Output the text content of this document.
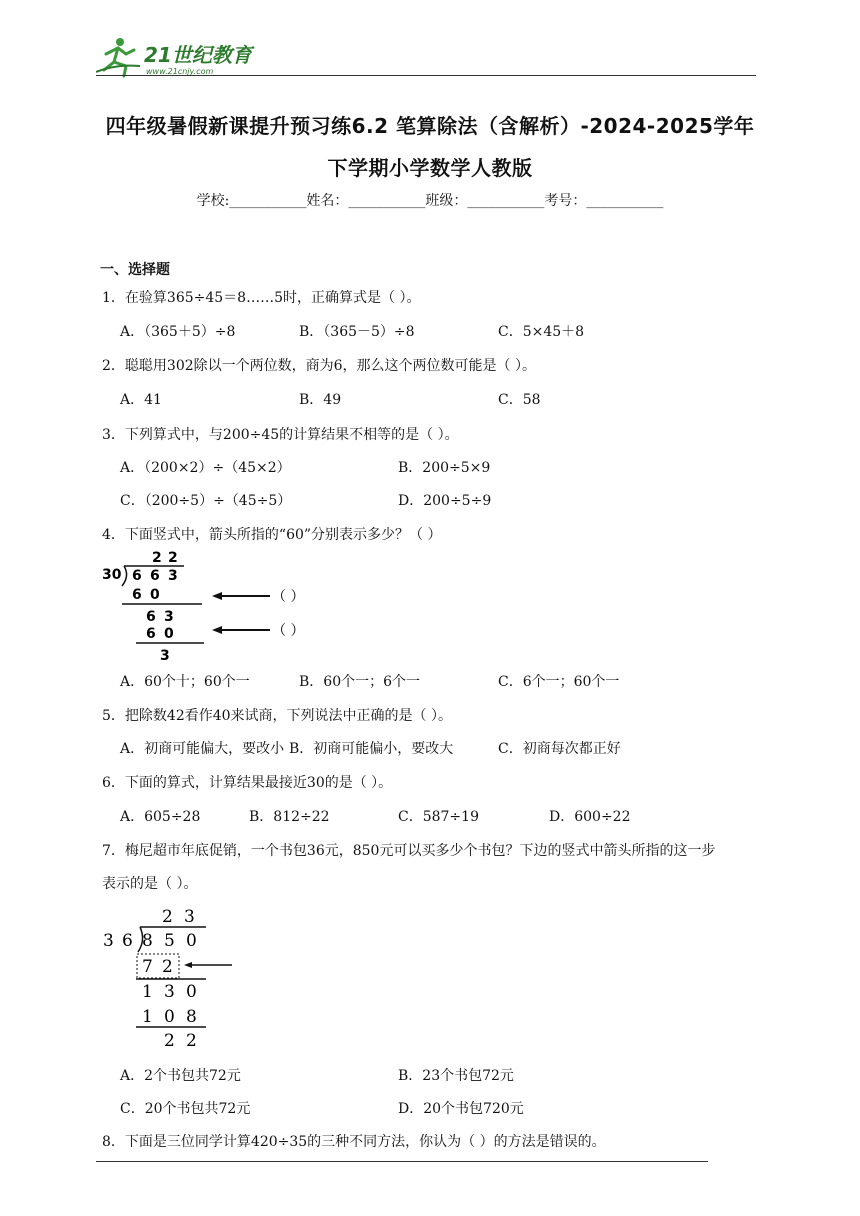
21世纪教育
www.21cnjy.com
四年级暑假新课提升预习练6.2 笔算除法（含解析）-2024-2025学年
下学期小学数学人教版
学校:___________姓名：___________班级：___________考号：___________
一、选择题
1．在验算365÷45＝8……5时，正确算式是（ ）。
A．（365＋5）÷8	B．（365－5）÷8	C．5×45＋8
2．聪聪用302除以一个两位数，商为6，那么这个两位数可能是（ ）。
A．41	B．49	C．58
3．下列算式中，与200÷45的计算结果不相等的是（ ）。
A．（200×2）÷（45×2）	B．200÷5×9
C．（200÷5）÷（45÷5）	D．200÷5÷9
4．下面竖式中，箭头所指的“60”分别表示多少？（ ）
2 2
30 6 6 3
6 0
6 3
6 0
3
（ ）
（ ）
A．60个十；60个一	B．60个一；6个一	C．6个一；60个一
5．把除数42看作40来试商，下列说法中正确的是（ ）。
A．初商可能偏大，要改小 B．初商可能偏小，要改大	C．初商每次都正好
6．下面的算式，计算结果最接近30的是（ ）。
A．605÷28	B．812÷22	C．587÷19	D．600÷22
7．梅尼超市年底促销，一个书包36元，850元可以买多少个书包？下边的竖式中箭头所指的这一步
表示的是（ ）。
2 3
3 6 8 5 0
7 2
1 3 0
1 0 8
2 2
A．2个书包共72元	B．23个书包72元
C．20个书包共72元	D．20个书包720元
8．下面是三位同学计算420÷35的三种不同方法，你认为（ ）的方法是错误的。
